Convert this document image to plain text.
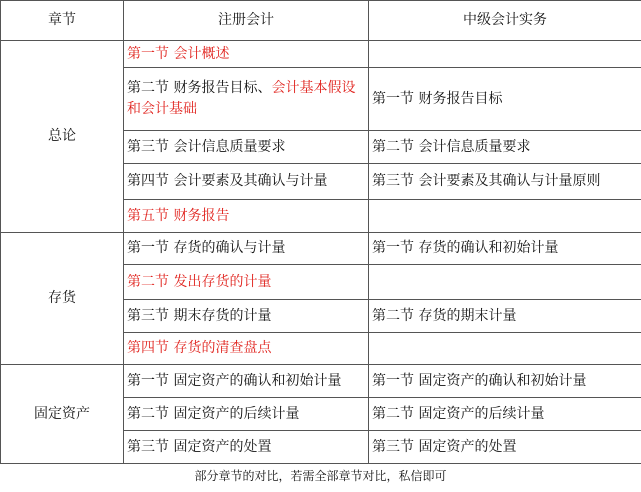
章节	注册会计	中级会计实务
总论	第一节 会计概述	
	第二节 财务报告目标、会计基本假设和会计基础	第一节 财务报告目标
	第三节 会计信息质量要求	第二节 会计信息质量要求
	第四节 会计要素及其确认与计量	第三节 会计要素及其确认与计量原则
	第五节 财务报告	
存货	第一节 存货的确认与计量	第一节 存货的确认和初始计量
	第二节 发出存货的计量	
	第三节 期末存货的计量	第二节 存货的期末计量
	第四节 存货的清查盘点	
固定资产	第一节 固定资产的确认和初始计量	第一节 固定资产的确认和初始计量
	第二节 固定资产的后续计量	第二节 固定资产的后续计量
	第三节 固定资产的处置	第三节 固定资产的处置
部分章节的对比，若需全部章节对比，私信即可
